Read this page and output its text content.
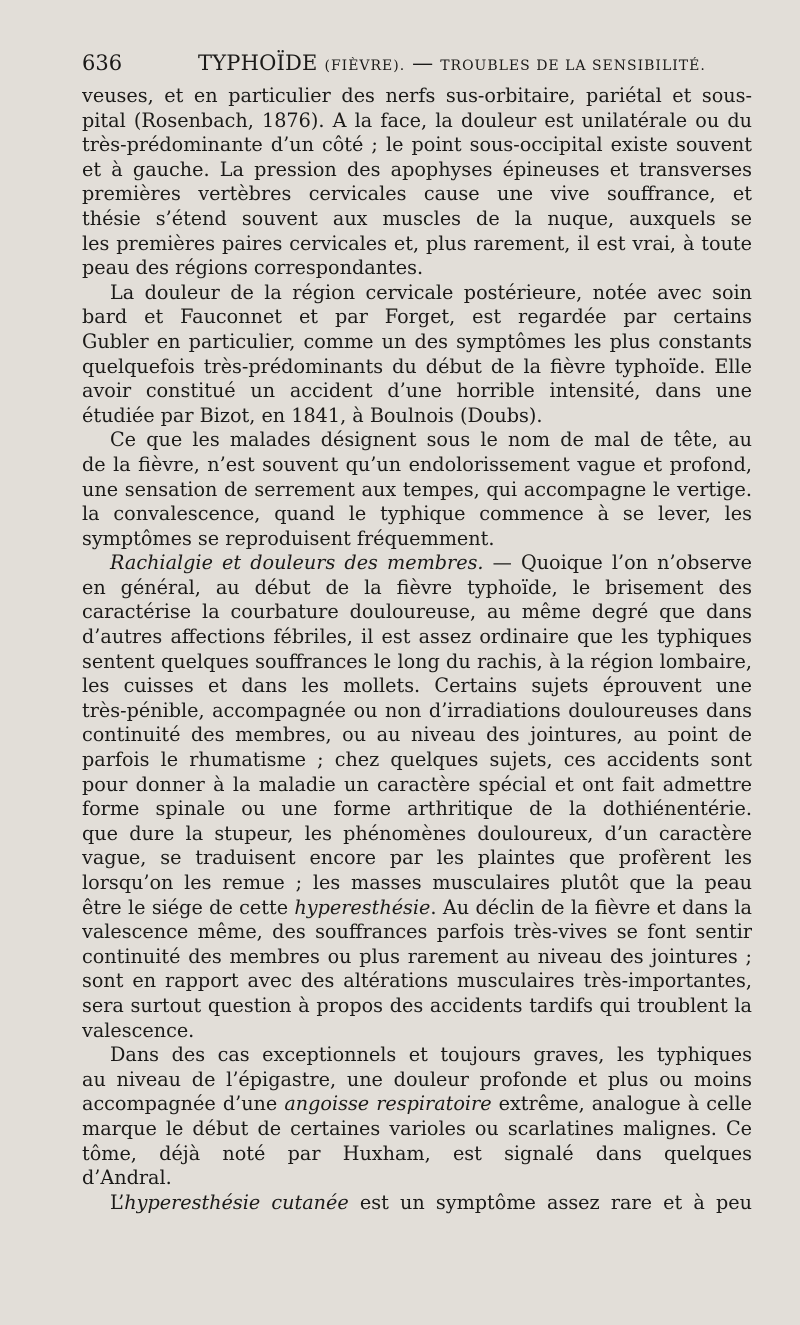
636	TYPHOÏDE (FIÈVRE). — TROUBLES DE LA SENSIBILITÉ.
veuses, et en particulier des nerfs sus-orbitaire, pariétal et sous-
pital (Rosenbach, 1876). A la face, la douleur est unilatérale ou du
très-prédominante d’un côté ; le point sous-occipital existe souvent
et à gauche. La pression des apophyses épineuses et transverses
premières vertèbres cervicales cause une vive souffrance, et
thésie s’étend souvent aux muscles de la nuque, auxquels se
les premières paires cervicales et, plus rarement, il est vrai, à toute
peau des régions correspondantes.
La douleur de la région cervicale postérieure, notée avec soin
bard et Fauconnet et par Forget, est regardée par certains
Gubler en particulier, comme un des symptômes les plus constants
quelquefois très-prédominants du début de la fièvre typhoïde. Elle
avoir constitué un accident d’une horrible intensité, dans une
étudiée par Bizot, en 1841, à Boulnois (Doubs).
Ce que les malades désignent sous le nom de mal de tête, au
de la fièvre, n’est souvent qu’un endolorissement vague et profond,
une sensation de serrement aux tempes, qui accompagne le vertige.
la convalescence, quand le typhique commence à se lever, les
symptômes se reproduisent fréquemment.
Rachialgie et douleurs des membres. — Quoique l’on n’observe
en général, au début de la fièvre typhoïde, le brisement des
caractérise la courbature douloureuse, au même degré que dans
d’autres affections fébriles, il est assez ordinaire que les typhiques
sentent quelques souffrances le long du rachis, à la région lombaire,
les cuisses et dans les mollets. Certains sujets éprouvent une
très-pénible, accompagnée ou non d’irradiations douloureuses dans
continuité des membres, ou au niveau des jointures, au point de
parfois le rhumatisme ; chez quelques sujets, ces accidents sont
pour donner à la maladie un caractère spécial et ont fait admettre
forme spinale ou une forme arthritique de la dothiénentérie.
que dure la stupeur, les phénomènes douloureux, d’un caractère
vague, se traduisent encore par les plaintes que profèrent les
lorsqu’on les remue ; les masses musculaires plutôt que la peau
être le siége de cette hyperesthésie. Au déclin de la fièvre et dans la
valescence même, des souffrances parfois très-vives se font sentir
continuité des membres ou plus rarement au niveau des jointures ;
sont en rapport avec des altérations musculaires très-importantes,
sera surtout question à propos des accidents tardifs qui troublent la
valescence.
Dans des cas exceptionnels et toujours graves, les typhiques
au niveau de l’épigastre, une douleur profonde et plus ou moins
accompagnée d’une angoisse respiratoire extrême, analogue à celle
marque le début de certaines varioles ou scarlatines malignes. Ce
tôme, déjà noté par Huxham, est signalé dans quelques
d’Andral.
L’hyperesthésie cutanée est un symptôme assez rare et à peu
